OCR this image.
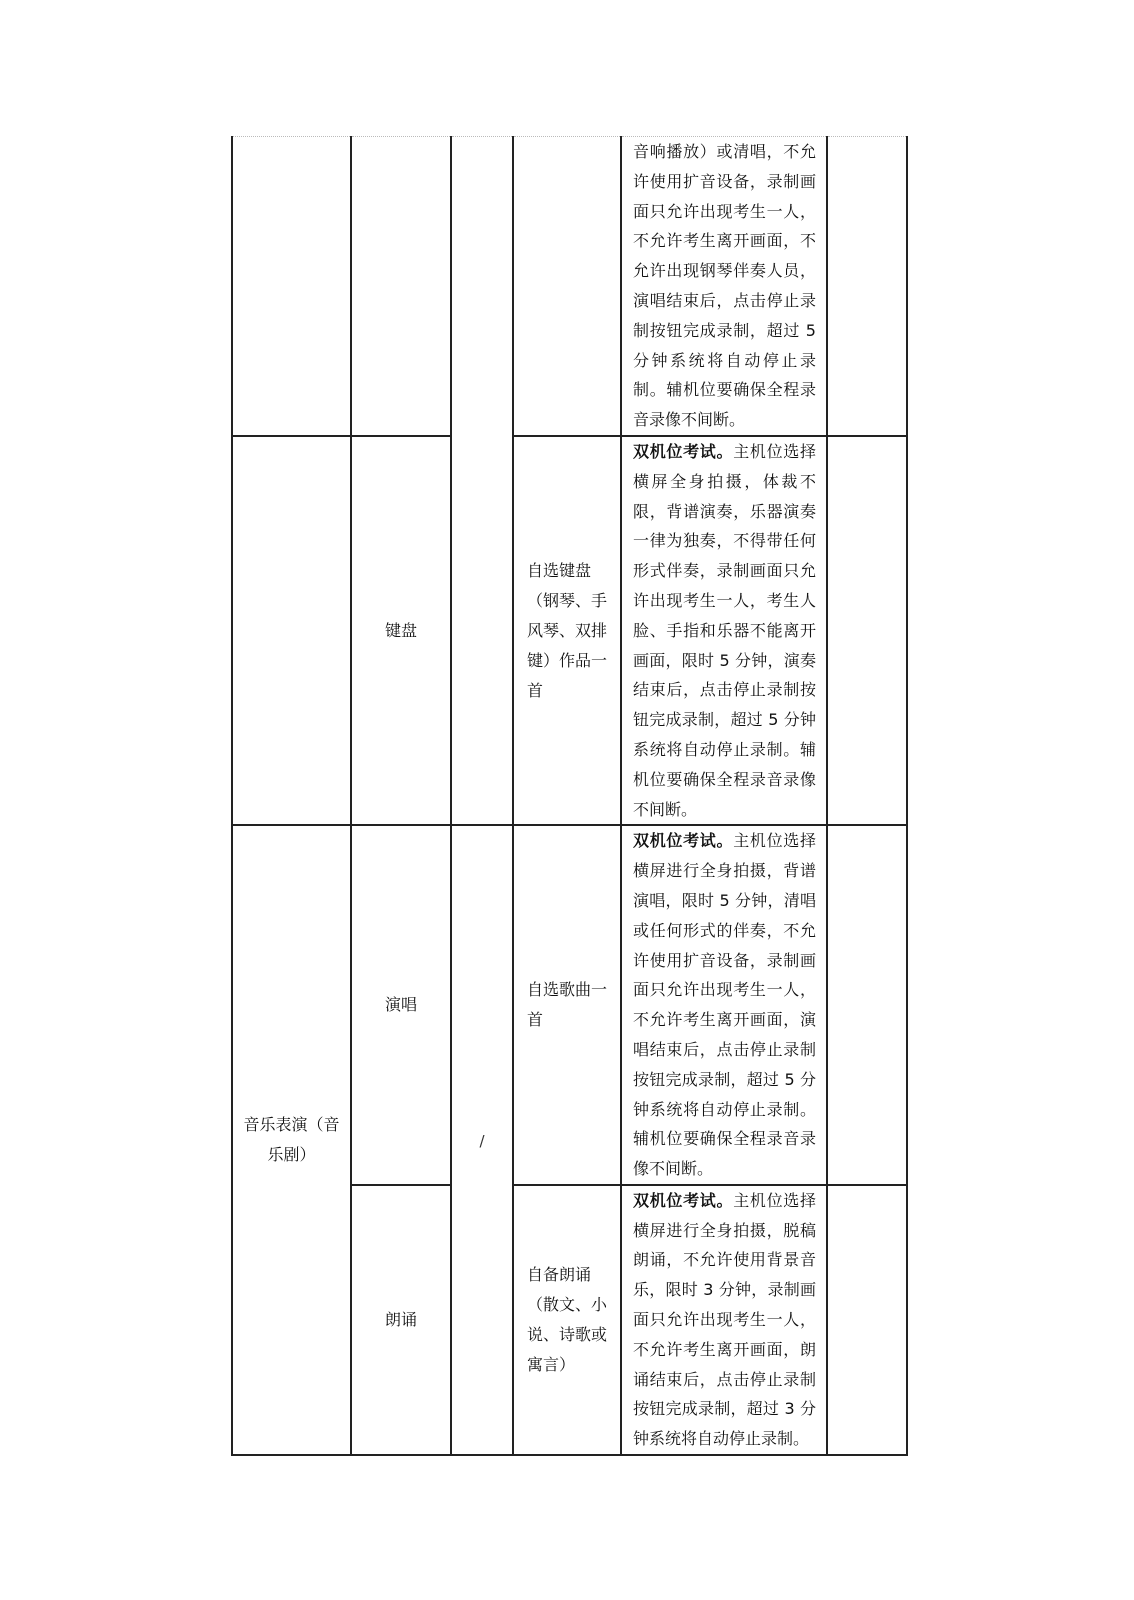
				音响播放）或清唱，不允许使用扩音设备，录制画面只允许出现考生一人，不允许考生离开画面，不允许出现钢琴伴奏人员，演唱结束后，点击停止录制按钮完成录制，超过 5分钟系统将自动停止录制。辅机位要确保全程录音录像不间断。	

	键盘		自选键盘（钢琴、手风琴、双排键）作品一首	双机位考试。主机位选择横屏全身拍摄，体裁不限，背谱演奏，乐器演奏一律为独奏，不得带任何形式伴奏，录制画面只允许出现考生一人，考生人脸、手指和乐器不能离开画面，限时 5 分钟，演奏结束后，点击停止录制按钮完成录制，超过 5 分钟系统将自动停止录制。辅机位要确保全程录音录像不间断。	

音乐表演（音乐剧）	演唱	/	自选歌曲一首	双机位考试。主机位选择横屏进行全身拍摄，背谱演唱，限时 5 分钟，清唱或任何形式的伴奏，不允许使用扩音设备，录制画面只允许出现考生一人，不允许考生离开画面，演唱结束后，点击停止录制按钮完成录制，超过 5 分钟系统将自动停止录制。辅机位要确保全程录音录像不间断。	

	朗诵		自备朗诵（散文、小说、诗歌或寓言）	双机位考试。主机位选择横屏进行全身拍摄，脱稿朗诵，不允许使用背景音乐，限时 3 分钟，录制画面只允许出现考生一人，不允许考生离开画面，朗诵结束后，点击停止录制按钮完成录制，超过 3 分钟系统将自动停止录制。	
